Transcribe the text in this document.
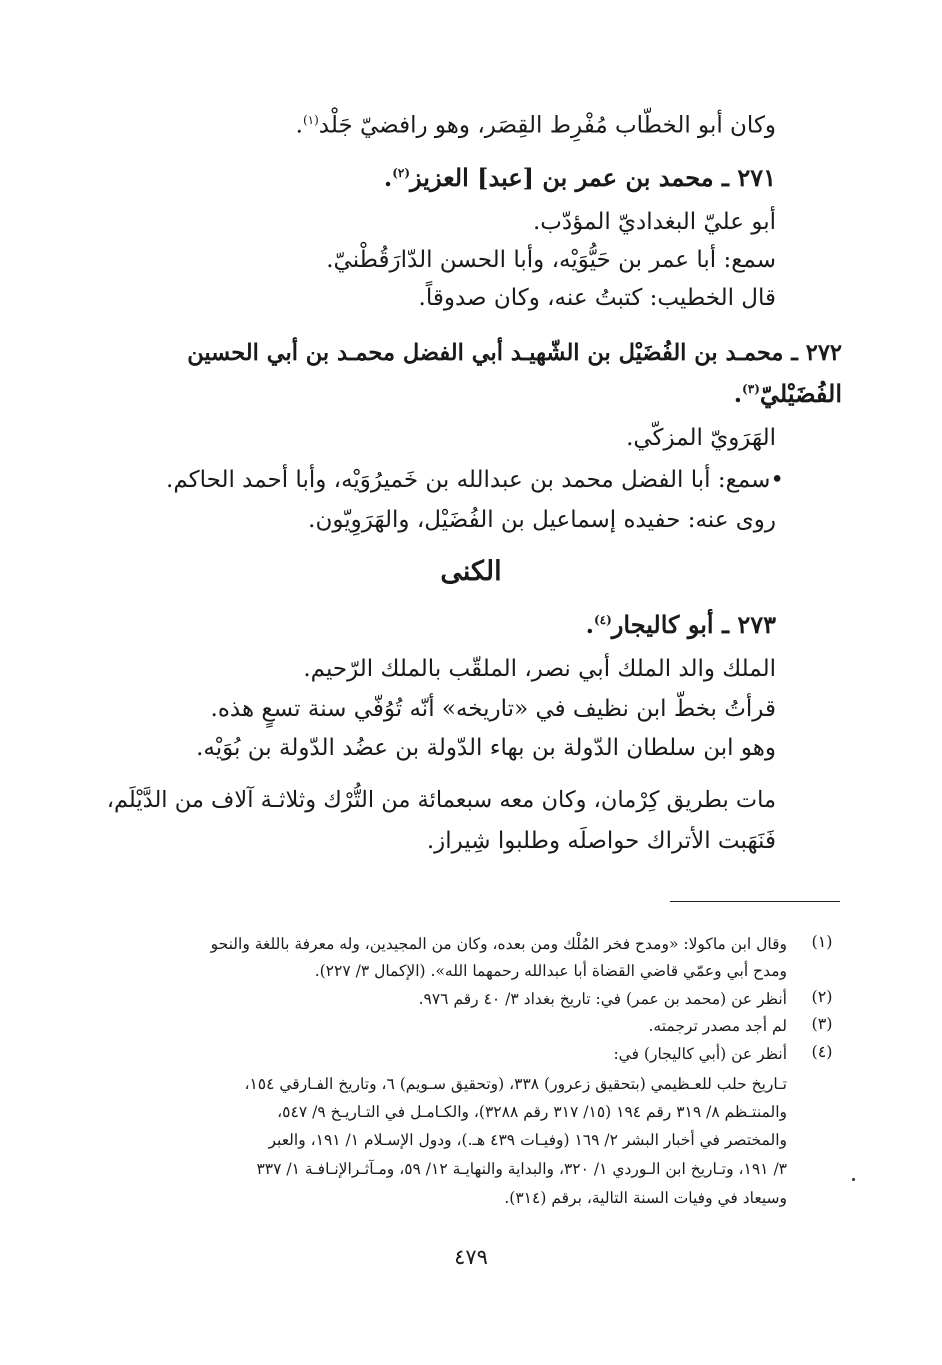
وكان أبو الخطّاب مُفْرِط القِصَر، وهو رافضيّ جَلْد$^{(١)}$.
٢٧١ ـ محمد بن عمر بن [عبد] العزيز$^{(٢)}$.
أبو عليّ البغداديّ المؤدّب.
سمع: أبا عمر بن حَيُّوَيْه، وأبا الحسن الدّارَقُطْنيّ.
قال الخطيب: كتبتُ عنه، وكان صدوقاً.
٢٧٢ ـ محمـد بن الفُضَيْل بن الشّهيـد أبي الفضل محمـد بن أبي الحسين
الفُضَيْليّ$^{(٣)}$.
الهَرَويّ المزكّي.
•سمع: أبا الفضل محمد بن عبدالله بن خَميرُوَيْه، وأبا أحمد الحاكم.
روى عنه: حفيده إسماعيل بن الفُضَيْل، والهَرَوِيّون.
الكنى
٢٧٣ ـ أبو كاليجار$^{(٤)}$.
الملك والد الملك أبي نصر، الملقّب بالملك الرّحيم.
قرأتُ بخطّ ابن نظيف في «تاريخه» أنّه تُوُفّي سنة تسعٍ هذه.
وهو ابن سلطان الدّولة بن بهاء الدّولة بن عضُد الدّولة بن بُوَيْه.
مات بطريق كِرْمان، وكان معه سبعمائة من التُّرْك وثلاثـة آلاف من الدَّيْلَم،
فَنَهَبت الأتراك حواصلَه وطلبوا شِيراز.
(١)
وقال ابن ماكولا: «ومدح فخر المُلْك ومن بعده، وكان من المجيدين، وله معرفة باللغة والنحو
ومدح أبي وعمّي قاضي القضاة أبا عبدالله رحمهما الله». (الإكمال ٣/ ٢٢٧).
(٢)
أنظر عن (محمد بن عمر) في: تاريخ بغداد ٣/ ٤٠ رقم ٩٧٦.
(٣)
لم أجد مصدر ترجمته.
(٤)
أنظر عن (أبي كاليجار) في:
تـاريخ حلب للعـظيمي (بتحقيق زعرور) ٣٣٨، (وتحقيق سـويم) ٦، وتاريخ الفـارقي ١٥٤،
والمنتـظم ٨/ ٣١٩ رقم ١٩٤ (١٥/ ٣١٧ رقم ٣٢٨٨)، والكـامـل في التـاريـخ ٩/ ٥٤٧،
والمختصر في أخبار البشر ٢/ ١٦٩ (وفيـات ٤٣٩ هـ.)، ودول الإسـلام ١/ ١٩١، والعبر
٣/ ١٩١، وتـاريخ ابن الـوردي ١/ ٣٢٠، والبداية والنهايـة ١٢/ ٥٩، ومـآثـرالإنـافـة ١/ ٣٣٧
وسيعاد في وفيات السنة التالية، برقم (٣١٤).
٤٧٩
